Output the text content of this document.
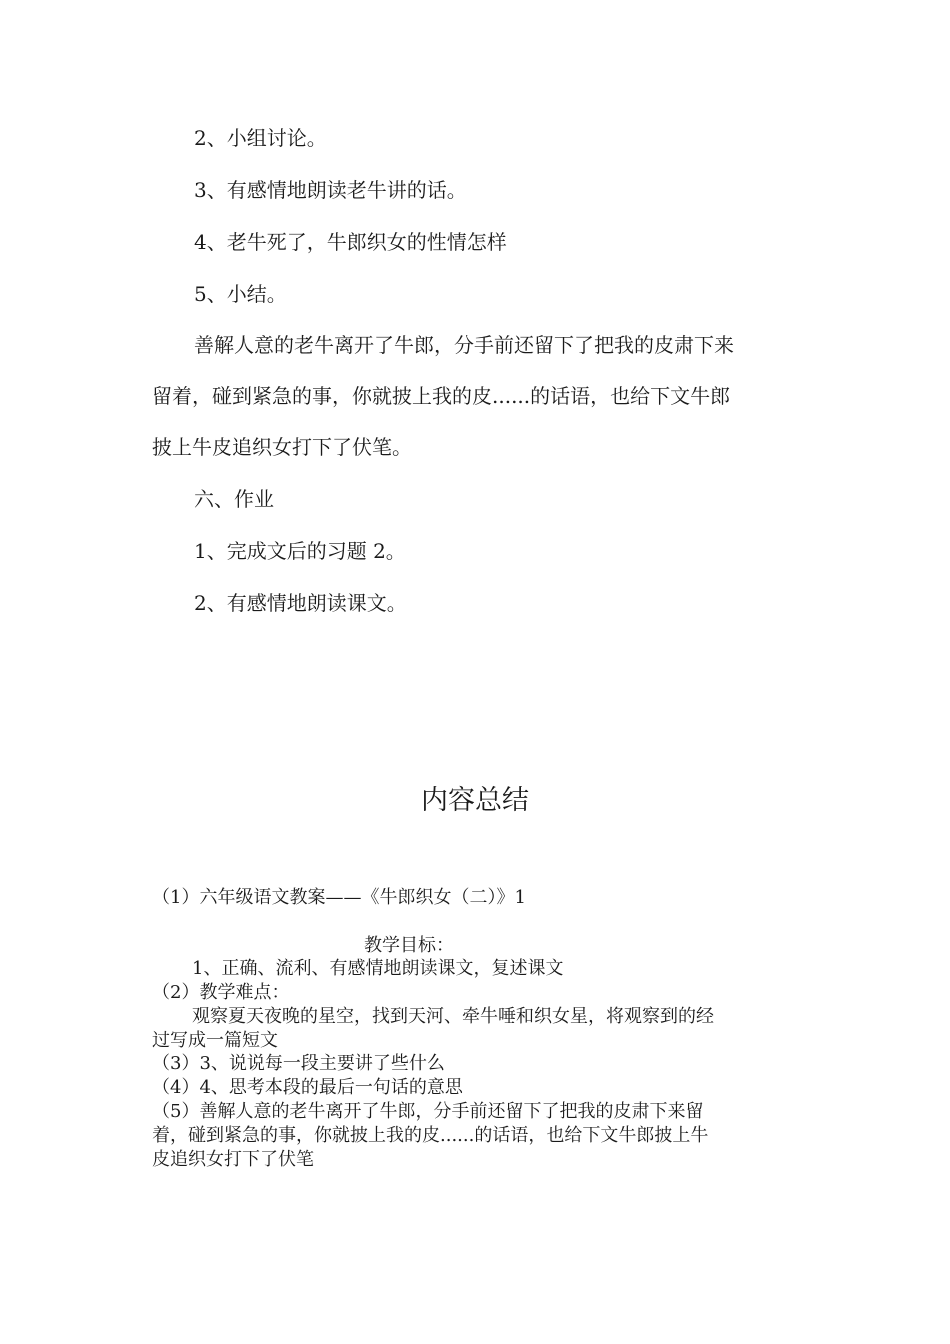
2、小组讨论。
3、有感情地朗读老牛讲的话。
4、老牛死了，牛郎织女的性情怎样
5、小结。
善解人意的老牛离开了牛郎，分手前还留下了把我的皮肃下来
留着，碰到紧急的事，你就披上我的皮......的话语，也给下文牛郎
披上牛皮追织女打下了伏笔。
六、作业
1、完成文后的习题 2。
2、有感情地朗读课文。
内容总结
（1）六年级语文教案——《牛郎织女（二）》1
教学目标：
1、正确、流利、有感情地朗读课文，复述课文
（2）教学难点：
观察夏天夜晚的星空，找到天河、牵牛唾和织女星，将观察到的经
过写成一篇短文
（3）3、说说每一段主要讲了些什么
（4）4、思考本段的最后一句话的意思
（5）善解人意的老牛离开了牛郎，分手前还留下了把我的皮肃下来留
着，碰到紧急的事，你就披上我的皮......的话语，也给下文牛郎披上牛
皮追织女打下了伏笔
